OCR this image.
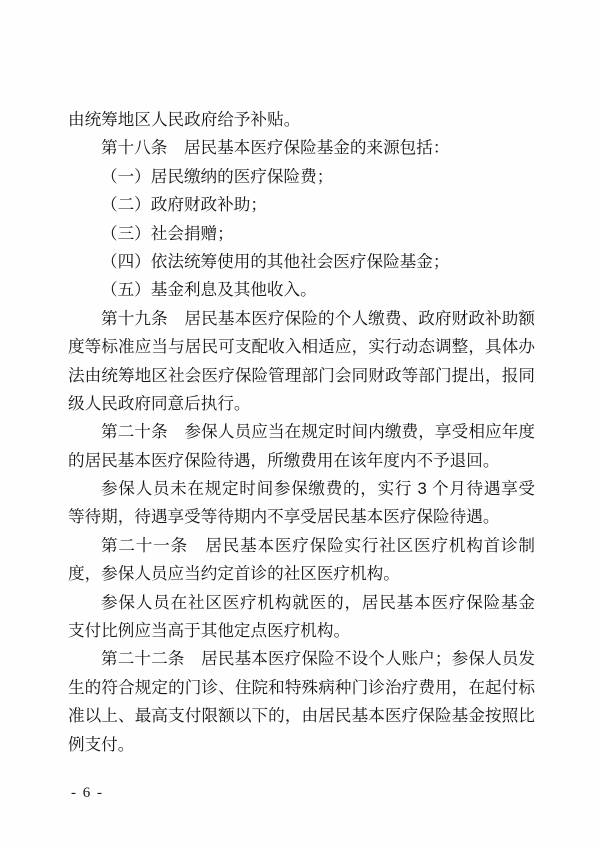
由统筹地区人民政府给予补贴。
第十八条　居民基本医疗保险基金的来源包括：
（一）居民缴纳的医疗保险费；
（二）政府财政补助；
（三）社会捐赠；
（四）依法统筹使用的其他社会医疗保险基金；
（五）基金利息及其他收入。
第十九条　居民基本医疗保险的个人缴费、政府财政补助额
度等标准应当与居民可支配收入相适应，实行动态调整，具体办
法由统筹地区社会医疗保险管理部门会同财政等部门提出，报同
级人民政府同意后执行。
第二十条　参保人员应当在规定时间内缴费，享受相应年度
的居民基本医疗保险待遇，所缴费用在该年度内不予退回。
参保人员未在规定时间参保缴费的，实行 3 个月待遇享受
等待期，待遇享受等待期内不享受居民基本医疗保险待遇。
第二十一条　居民基本医疗保险实行社区医疗机构首诊制
度，参保人员应当约定首诊的社区医疗机构。
参保人员在社区医疗机构就医的，居民基本医疗保险基金
支付比例应当高于其他定点医疗机构。
第二十二条　居民基本医疗保险不设个人账户；参保人员发
生的符合规定的门诊、住院和特殊病种门诊治疗费用，在起付标
准以上、最高支付限额以下的，由居民基本医疗保险基金按照比
例支付。
- 6 -
